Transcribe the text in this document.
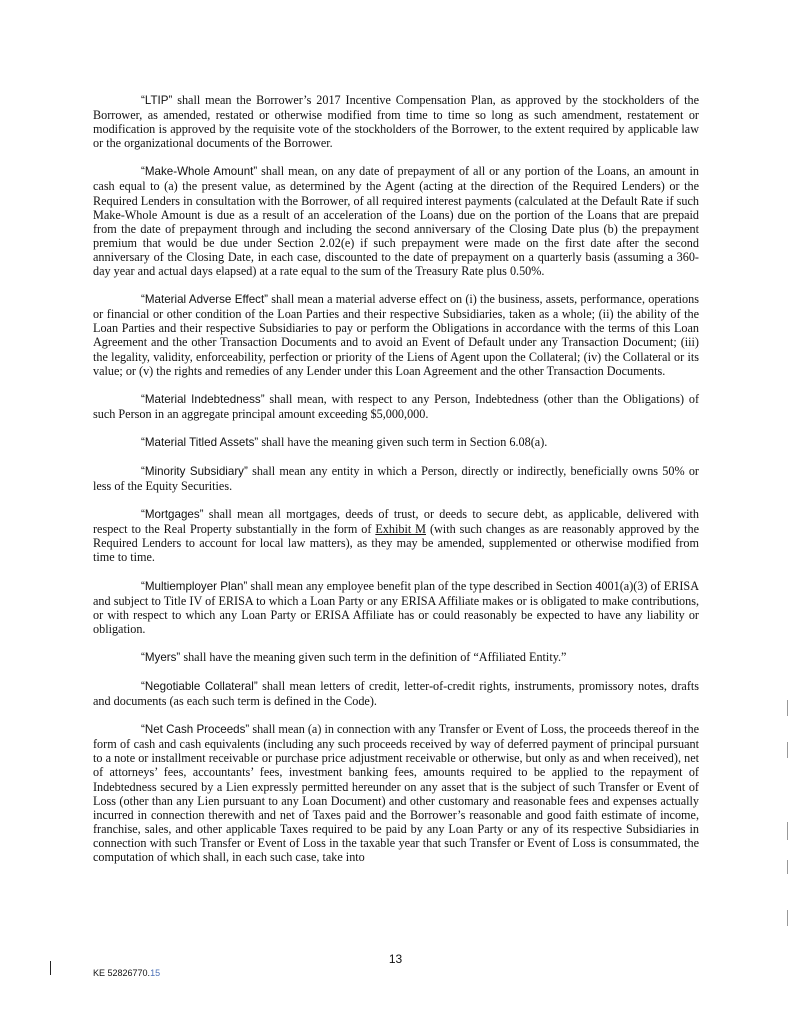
“LTIP” shall mean the Borrower’s 2017 Incentive Compensation Plan, as approved by the stockholders of the Borrower, as amended, restated or otherwise modified from time to time so long as such amendment, restatement or modification is approved by the requisite vote of the stockholders of the Borrower, to the extent required by applicable law or the organizational documents of the Borrower.

“Make-Whole Amount” shall mean, on any date of prepayment of all or any portion of the Loans, an amount in cash equal to (a) the present value, as determined by the Agent (acting at the direction of the Required Lenders) or the Required Lenders in consultation with the Borrower, of all required interest payments (calculated at the Default Rate if such Make-Whole Amount is due as a result of an acceleration of the Loans) due on the portion of the Loans that are prepaid from the date of prepayment through and including the second anniversary of the Closing Date plus (b) the prepayment premium that would be due under Section 2.02(e) if such prepayment were made on the first date after the second anniversary of the Closing Date, in each case, discounted to the date of prepayment on a quarterly basis (assuming a 360-day year and actual days elapsed) at a rate equal to the sum of the Treasury Rate plus 0.50%.

“Material Adverse Effect” shall mean a material adverse effect on (i) the business, assets, performance, operations or financial or other condition of the Loan Parties and their respective Subsidiaries, taken as a whole; (ii) the ability of the Loan Parties and their respective Subsidiaries to pay or perform the Obligations in accordance with the terms of this Loan Agreement and the other Transaction Documents and to avoid an Event of Default under any Transaction Document; (iii) the legality, validity, enforceability, perfection or priority of the Liens of Agent upon the Collateral; (iv) the Collateral or its value; or (v) the rights and remedies of any Lender under this Loan Agreement and the other Transaction Documents.

“Material Indebtedness” shall mean, with respect to any Person, Indebtedness (other than the Obligations) of such Person in an aggregate principal amount exceeding $5,000,000.

“Material Titled Assets” shall have the meaning given such term in Section 6.08(a).

“Minority Subsidiary” shall mean any entity in which a Person, directly or indirectly, beneficially owns 50% or less of the Equity Securities.

“Mortgages” shall mean all mortgages, deeds of trust, or deeds to secure debt, as applicable, delivered with respect to the Real Property substantially in the form of Exhibit M (with such changes as are reasonably approved by the Required Lenders to account for local law matters), as they may be amended, supplemented or otherwise modified from time to time.

“Multiemployer Plan” shall mean any employee benefit plan of the type described in Section 4001(a)(3) of ERISA and subject to Title IV of ERISA to which a Loan Party or any ERISA Affiliate makes or is obligated to make contributions, or with respect to which any Loan Party or ERISA Affiliate has or could reasonably be expected to have any liability or obligation.

“Myers” shall have the meaning given such term in the definition of “Affiliated Entity.”

“Negotiable Collateral” shall mean letters of credit, letter-of-credit rights, instruments, promissory notes, drafts and documents (as each such term is defined in the Code).

“Net Cash Proceeds” shall mean (a) in connection with any Transfer or Event of Loss, the proceeds thereof in the form of cash and cash equivalents (including any such proceeds received by way of deferred payment of principal pursuant to a note or installment receivable or purchase price adjustment receivable or otherwise, but only as and when received), net of attorneys’ fees, accountants’ fees, investment banking fees, amounts required to be applied to the repayment of Indebtedness secured by a Lien expressly permitted hereunder on any asset that is the subject of such Transfer or Event of Loss (other than any Lien pursuant to any Loan Document) and other customary and reasonable fees and expenses actually incurred in connection therewith and net of Taxes paid and the Borrower’s reasonable and good faith estimate of income, franchise, sales, and other applicable Taxes required to be paid by any Loan Party or any of its respective Subsidiaries in connection with such Transfer or Event of Loss in the taxable year that such Transfer or Event of Loss is consummated, the computation of which shall, in each such case, take into

13
KE 52826770.15
